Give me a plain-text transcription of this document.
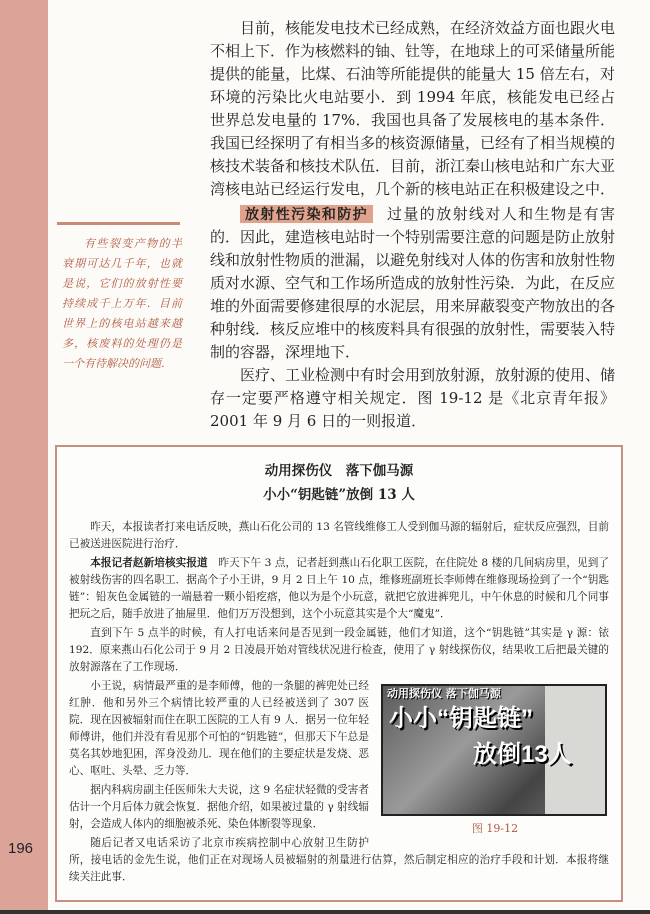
196
有些裂变产物的半衰期可达几千年，也就是说，它们的放射性要持续成千上万年．目前世界上的核电站越来越多，核废料的处理仍是一个有待解决的问题．

目前，核能发电技术已经成熟，在经济效益方面也跟火电不相上下．作为核燃料的铀、钍等，在地球上的可采储量所能提供的能量，比煤、石油等所能提供的能量大 15 倍左右，对环境的污染比火电站要小．到 1994 年底，核能发电已经占世界总发电量的 17%．我国也具备了发展核电的基本条件．我国已经探明了有相当多的核资源储量，已经有了相当规模的核技术装备和核技术队伍．目前，浙江秦山核电站和广东大亚湾核电站已经运行发电，几个新的核电站正在积极建设之中．

放射性污染和防护 过量的放射线对人和生物是有害的．因此，建造核电站时一个特别需要注意的问题是防止放射线和放射性物质的泄漏，以避免射线对人体的伤害和放射性物质对水源、空气和工作场所造成的放射性污染．为此，在反应堆的外面需要修建很厚的水泥层，用来屏蔽裂变产物放出的各种射线．核反应堆中的核废料具有很强的放射性，需要装入特制的容器，深埋地下．

医疗、工业检测中有时会用到放射源，放射源的使用、储存一定要严格遵守相关规定．图 19-12 是《北京青年报》2001 年 9 月 6 日的一则报道．

动用探伤仪　落下伽马源
小小“钥匙链”放倒 13 人

昨天，本报读者打来电话反映，燕山石化公司的 13 名管线维修工人受到伽马源的辐射后，症状反应强烈，目前已被送进医院进行治疗．

本报记者赵新培核实报道　昨天下午 3 点，记者赶到燕山石化职工医院，在住院处 8 楼的几间病房里，见到了被射线伤害的四名职工．据高个子小王讲，9 月 2 日上午 10 点，维修班副班长李师傅在维修现场捡到了一个“钥匙链”：铅灰色金属链的一端悬着一颗小铅疙瘩，他以为是个小玩意，就把它放进裤兜儿，中午休息的时候和几个同事把玩之后，随手放进了抽屉里．他们万万没想到，这个小玩意其实是个大“魔鬼”．

直到下午 5 点半的时候，有人打电话来问是否见到一段金属链，他们才知道，这个“钥匙链”其实是 γ 源：铱 192．原来燕山石化公司于 9 月 2 日凌晨开始对管线状况进行检查，使用了 γ 射线探伤仪，结果收工后把最关键的放射源落在了工作现场．

动用探伤仪 落下伽马源
小小“钥匙链”
放倒13人
图 19-12

小王说，病情最严重的是李师傅，他的一条腿的裤兜处已经红肿．他和另外三个病情比较严重的人已经被送到了 307 医院．现在因被辐射而住在职工医院的工人有 9 人．据另一位年轻师傅讲，他们并没有看见那个可怕的“钥匙链”，但那天下午总是莫名其妙地犯困，浑身没劲儿．现在他们的主要症状是发烧、恶心、呕吐、头晕、乏力等．

据内科病房副主任医师朱大夫说，这 9 名症状轻微的受害者估计一个月后体力就会恢复．据他介绍，如果被过量的 γ 射线辐射，会造成人体内的细胞被杀死、染色体断裂等现象．

随后记者又电话采访了北京市疾病控制中心放射卫生防护所，接电话的金先生说，他们正在对现场人员被辐射的剂量进行估算，然后制定相应的治疗手段和计划．本报将继续关注此事．
